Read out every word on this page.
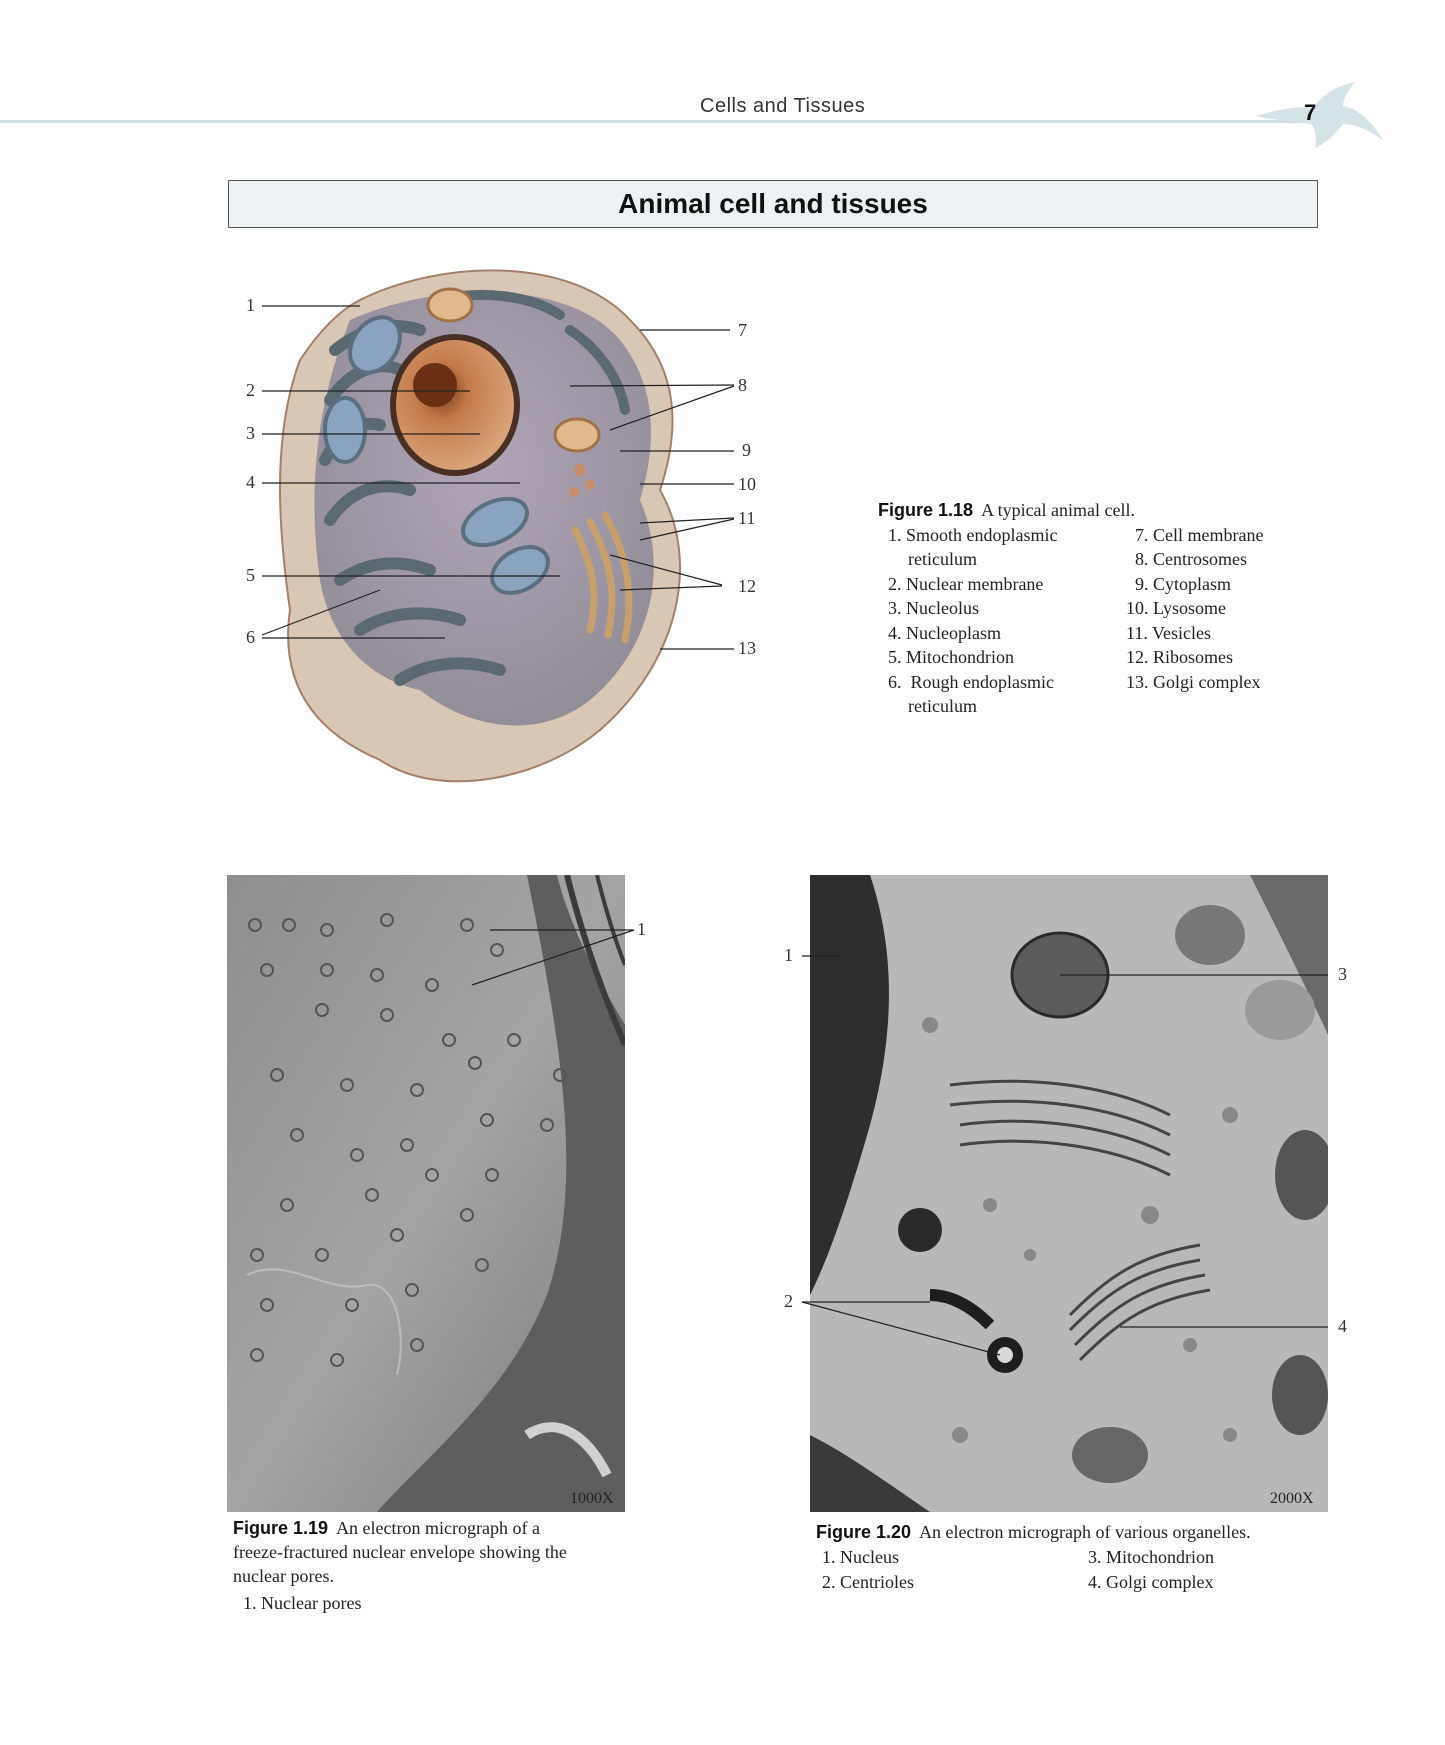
Cells and Tissues	7
Animal cell and tissues
1
2
3
4
5
6
7
8
9
10
11
12
13
Figure 1.18 A typical animal cell.
1. Smooth endoplasmic
reticulum
2. Nuclear membrane
3. Nucleolus
4. Nucleoplasm
5. Mitochondrion
6. Rough endoplasmic
reticulum
7. Cell membrane
8. Centrosomes
9. Cytoplasm
10. Lysosome
11. Vesicles
12. Ribosomes
13. Golgi complex
1000X
1
Figure 1.19 An electron micrograph of a
freeze-fractured nuclear envelope showing the
nuclear pores.
1. Nuclear pores
2000X
1
2
3
4
Figure 1.20 An electron micrograph of various organelles.
1. Nucleus
2. Centrioles
3. Mitochondrion
4. Golgi complex
